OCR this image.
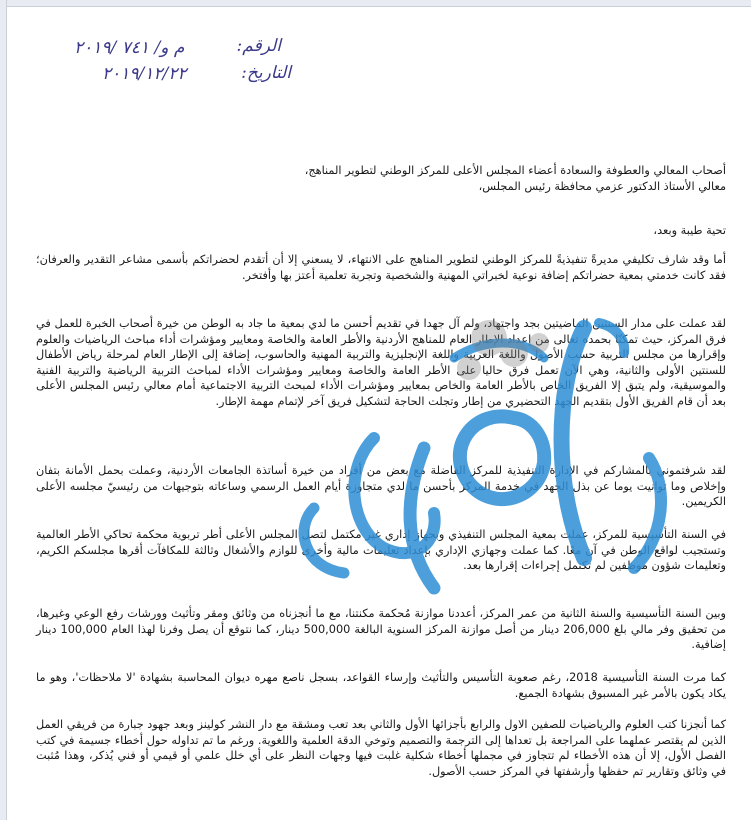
الرقم:
م و/ ٧٤١ /٢٠١٩
التاريخ:
٢٠١٩/١٢/٢٢

أصحاب المعالي والعطوفة والسعادة أعضاء المجلس الأعلى للمركز الوطني لتطوير المناهج،

معالي الأستاذ الدكتور عزمي محافظة رئيس المجلس،

تحية طيبة وبعد،
أما وقد شارف تكليفي مديرةً تنفيذيةً للمركز الوطني لتطوير المناهج على الانتهاء، لا يسعني إلا أن أتقدم لحضراتكم بأسمى مشاعر التقدير والعرفان؛ فقد كانت خدمتي بمعية حضراتكم إضافة نوعية لخبراتي المهنية والشخصية وتجربة تعلمية أعتز بها وأفتخر.
لقد عملت على مدار السنتين الماضيتين بجد واجتهاد، ولم آل جهدا في تقديم أحسن ما لدي بمعية ما جاد به الوطن من خيرة أصحاب الخبرة للعمل في فرق المركز، حيث تمكنّا بحمده تعالى من إعداد الإطار العام للمناهج الأردنية والأطر العامة والخاصة ومعايير ومؤشرات أداء مباحث الرياضيات والعلوم وإقرارها من مجلس التربية حسب الأصول واللغة العربية واللغة الإنجليزية والتربية المهنية والحاسوب، إضافة إلى الإطار العام لمرحلة رياض الأطفال للسنتين الأولى والثانية، وهي الآن تعمل فرق حاليا على الأطر العامة والخاصة ومعايير ومؤشرات الأداء لمباحث التربية الرياضية والتربية الفنية والموسيقية، ولم يتبق إلا الفريق الخاص بالأطر العامة والخاص بمعايير ومؤشرات الأداء لمبحث التربية الاجتماعية أمام معالي رئيس المجلس الأعلى بعد أن قام الفريق الأول بتقديم الجهد التحضيري من إطار وتجلت الحاجة لتشكيل فريق آخر لإتمام مهمة الإطار.
لقد شرفتموني بالمشاركم في الإدارة التنفيذية للمركز الفاضلة مع بعض من أفراد من خيرة أساتذة الجامعات الأردنية، وعملت بحمل الأمانة بتفان وإخلاص وما توانيت يوما عن بذل الجهد في خدمة المركز بأحسن ما لدي متجاوزة أيام العمل الرسمي وساعاته بتوجيهات من رئيسيّ مجلسه الأعلى الكريمين.
في السنة التأسيسية للمركز، عملت بمعية المجلس التنفيذي وبجهاز إداري غير مكتمل لتصل المجلس الأعلى أطر تربوية محكمة تحاكي الأطر العالمية وتستجيب لواقع الوطن في آن معًا. كما عملت وجهازي الإداري بإعداد تعليمات مالية وأخرى للوازم والأشغال وثالثة للمكافآت أقرها مجلسكم الكريم، وتعليمات شؤون موظفين لم تكتمل إجراءات إقرارها بعد.
وبين السنة التأسيسية والسنة الثانية من عمر المركز، أعددنا موازنة مُحكمة مكنتنا، مع ما أنجزناه من وثائق ومقر وتأثيث وورشات رفع الوعي وغيرها، من تحقيق وفر مالي بلغ 206,000 دينار من أصل موازنة المركز السنوية البالغة 500,000 دينار، كما نتوقع أن يصل وفرنا لهذا العام 100,000 دينار إضافية.
كما مرت السنة التأسيسية 2018، رغم صعوبة التأسيس والتأثيث وإرساء القواعد، بسجل ناصع مهره ديوان المحاسبة بشهادة 'لا ملاحظات'، وهو ما يكاد يكون بالأمر غير المسبوق بشهادة الجميع.
كما أنجزنا كتب العلوم والرياضيات للصفين الاول والرابع بأجزائها الأول والثاني بعد تعب ومشقة مع دار النشر كولينز وبعد جهود جبارة من فريقي العمل الذين لم يقتصر عملهما على المراجعة بل تعداها إلى الترجمة والتصميم وتوخي الدقة العلمية واللغوية. ورغم ما تم تداوله حول أخطاء جسيمة في كتب الفصل الأول، إلا أن هذه الأخطاء لم تتجاوز في مجملها أخطاء شكلية غلبت فيها وجهات النظر على أي خلل علمي أو قيمي أو فني يُذكر، وهذا مُثبت في وثائق وتقارير تم حفظها وأرشفتها في المركز حسب الأصول.
